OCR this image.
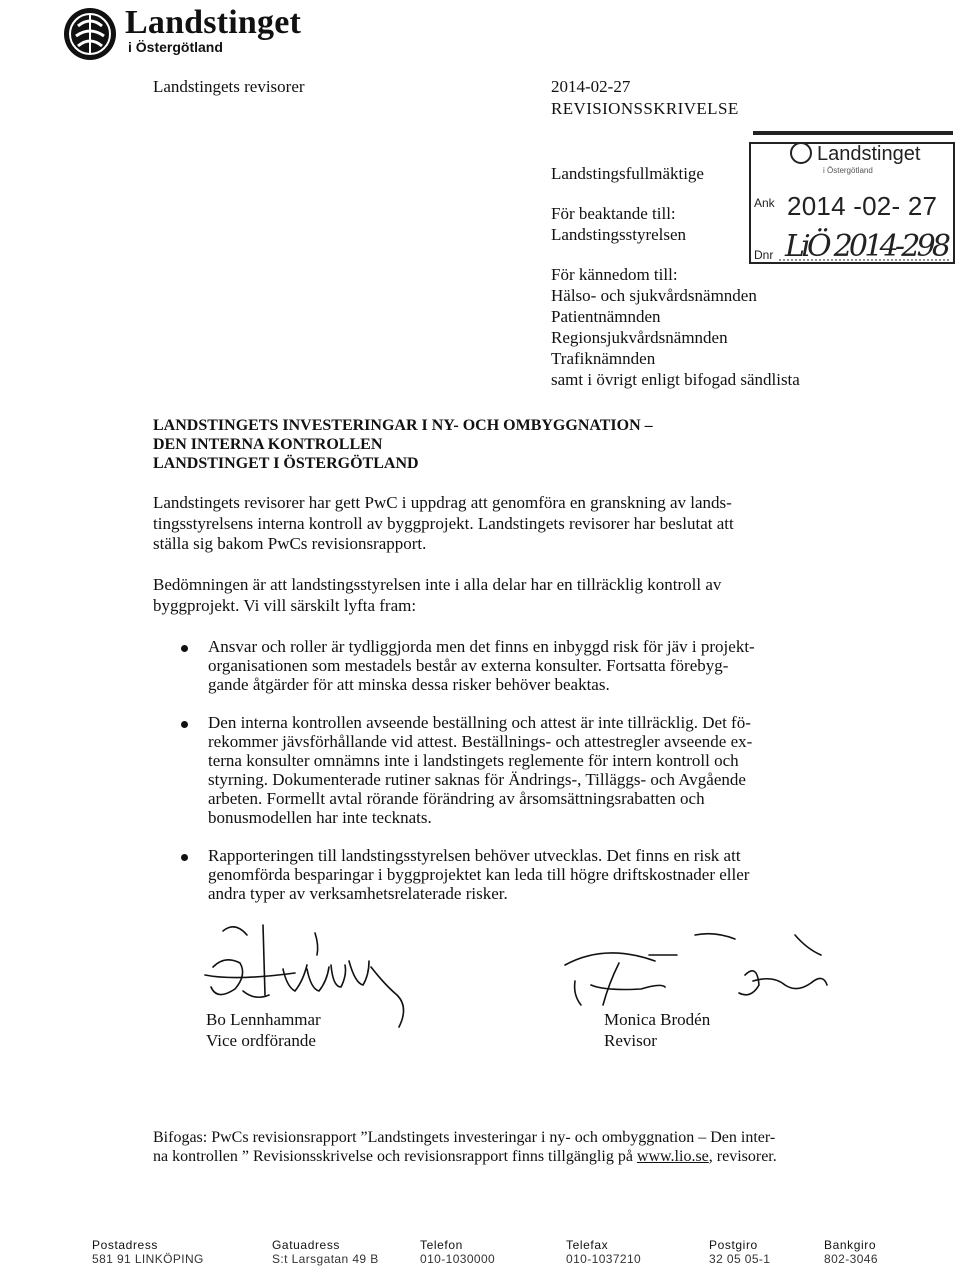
Landstinget
i Östergötland
Landstingets revisorer	2014-02-27
REVISIONSSKRIVELSE
Landstingsfullmäktige
För beaktande till:
Landstingsstyrelsen
För kännedom till:
Hälso- och sjukvårdsnämnden
Patientnämnden
Regionsjukvårdsnämnden
Trafiknämnden
samt i övrigt enligt bifogad sändlista
Landstinget
i Östergötland
Ank 2014 -02- 27
Dnr LiÖ 2014-298
LANDSTINGETS INVESTERINGAR I NY- OCH OMBYGGNATION –
DEN INTERNA KONTROLLEN
LANDSTINGET I ÖSTERGÖTLAND
Landstingets revisorer har gett PwC i uppdrag att genomföra en granskning av lands-
tingsstyrelsens interna kontroll av byggprojekt. Landstingets revisorer har beslutat att
ställa sig bakom PwCs revisionsrapport.
Bedömningen är att landstingsstyrelsen inte i alla delar har en tillräcklig kontroll av
byggprojekt. Vi vill särskilt lyfta fram:
Ansvar och roller är tydliggjorda men det finns en inbyggd risk för jäv i projekt-
organisationen som mestadels består av externa konsulter. Fortsatta förebyg-
gande åtgärder för att minska dessa risker behöver beaktas.
Den interna kontrollen avseende beställning och attest är inte tillräcklig. Det fö-
rekommer jävsförhållande vid attest. Beställnings- och attestregler avseende ex-
terna konsulter omnämns inte i landstingets reglemente för intern kontroll och
styrning. Dokumenterade rutiner saknas för Ändrings-, Tilläggs- och Avgående
arbeten. Formellt avtal rörande förändring av årsomsättningsrabatten och
bonusmodellen har inte tecknats.
Rapporteringen till landstingsstyrelsen behöver utvecklas. Det finns en risk att
genomförda besparingar i byggprojektet kan leda till högre driftskostnader eller
andra typer av verksamhetsrelaterade risker.
Bo Lennhammar
Vice ordförande
Monica Brodén
Revisor
Bifogas: PwCs revisionsrapport ”Landstingets investeringar i ny- och ombyggnation – Den inter-
na kontrollen ” Revisionsskrivelse och revisionsrapport finns tillgänglig på www.lio.se, revisorer.
Postadress
581 91 LINKÖPING
Gatuadress
S:t Larsgatan 49 B
Telefon
010-1030000
Telefax
010-1037210
Postgiro
32 05 05-1
Bankgiro
802-3046
